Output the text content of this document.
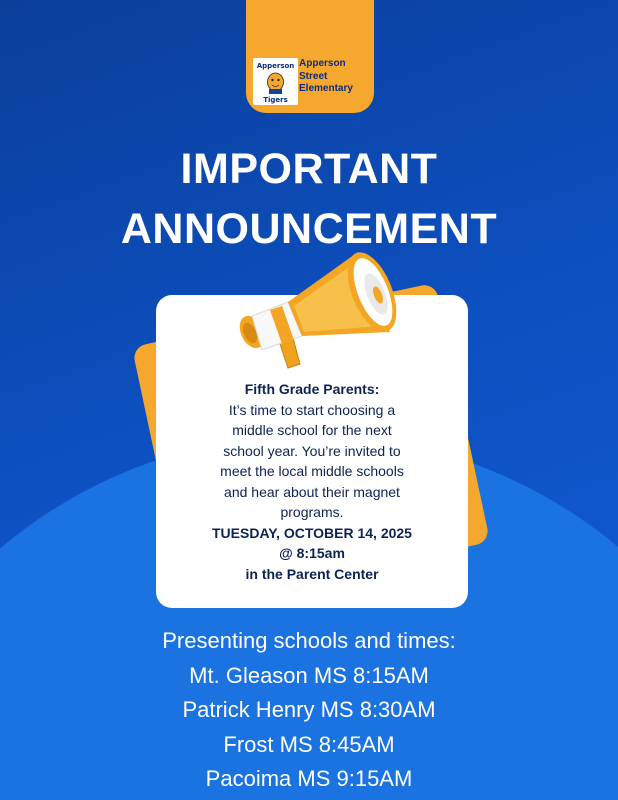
Apperson
Tigers
Apperson
Street
Elementary
IMPORTANT
ANNOUNCEMENT
Fifth Grade Parents:
It’s time to start choosing a
middle school for the next
school year. You’re invited to
meet the local middle schools
and hear about their magnet
programs.
TUESDAY, OCTOBER 14, 2025
@ 8:15am
in the Parent Center
Presenting schools and times:
Mt. Gleason MS 8:15AM
Patrick Henry MS 8:30AM
Frost MS 8:45AM
Pacoima MS 9:15AM
